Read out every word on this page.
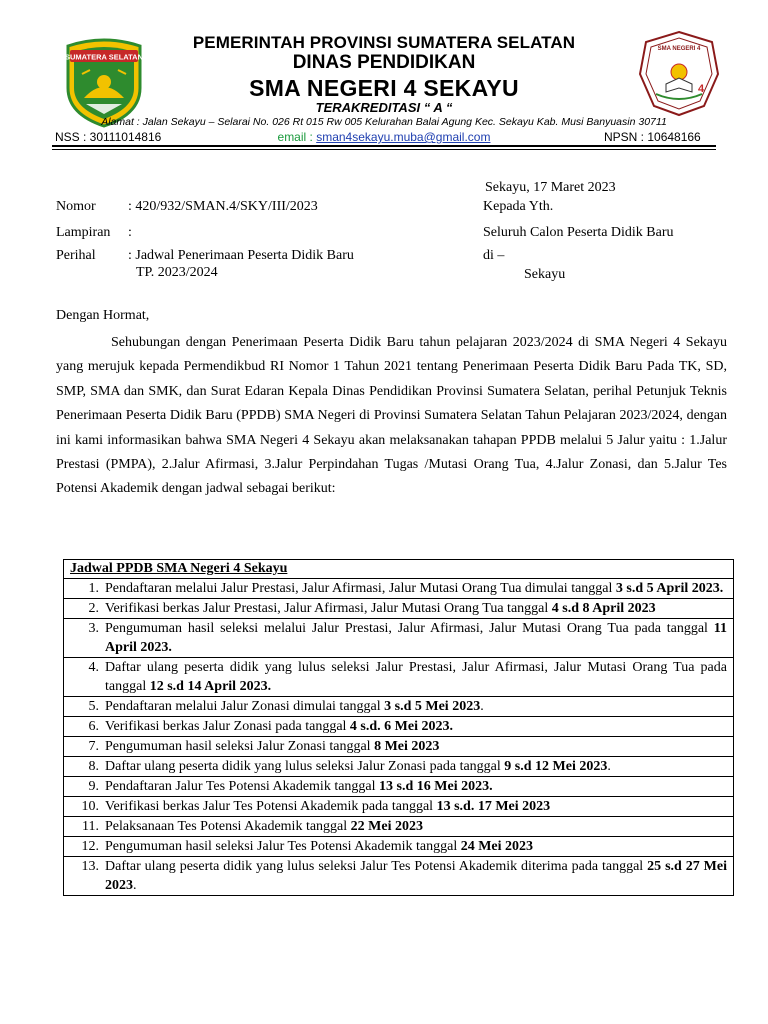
SUMATERA SELATAN
SMA NEGERI 4
4
PEMERINTAH PROVINSI SUMATERA SELATAN
DINAS PENDIDIKAN
SMA NEGERI 4 SEKAYU
TERAKREDITASI “ A “
Alamat : Jalan Sekayu – Selarai No. 026 Rt 015 Rw 005 Kelurahan Balai Agung Kec. Sekayu Kab. Musi Banyuasin 30711
NSS : 30111014816	email : sman4sekayu.muba@gmail.com	NPSN : 10648166
Sekayu, 17 Maret 2023
Nomor : 420/932/SMAN.4/SKY/III/2023	Kepada Yth.
Lampiran :	Seluruh Calon Peserta Didik Baru
Perihal : Jadwal Penerimaan Peserta Didik Baru
TP. 2023/2024
di –
Sekayu
Dengan Hormat,
Sehubungan dengan Penerimaan Peserta Didik Baru tahun pelajaran 2023/2024 di SMA Negeri 4 Sekayu yang merujuk kepada Permendikbud RI Nomor 1 Tahun 2021 tentang Penerimaan Peserta Didik Baru Pada TK, SD, SMP, SMA dan SMK, dan Surat Edaran Kepala Dinas Pendidikan Provinsi Sumatera Selatan, perihal Petunjuk Teknis Penerimaan Peserta Didik Baru (PPDB) SMA Negeri di Provinsi Sumatera Selatan Tahun Pelajaran 2023/2024, dengan ini kami informasikan bahwa SMA Negeri 4 Sekayu akan melaksanakan tahapan PPDB melalui 5 Jalur yaitu : 1.Jalur Prestasi (PMPA), 2.Jalur Afirmasi, 3.Jalur Perpindahan Tugas /Mutasi Orang Tua, 4.Jalur Zonasi, dan 5.Jalur Tes Potensi Akademik dengan jadwal sebagai berikut:
Jadwal PPDB SMA Negeri 4 Sekayu
1. Pendaftaran melalui Jalur Prestasi, Jalur Afirmasi, Jalur Mutasi Orang Tua dimulai tanggal 3 s.d 5 April 2023.
2. Verifikasi berkas Jalur Prestasi, Jalur Afirmasi, Jalur Mutasi Orang Tua tanggal 4 s.d 8 April 2023
3. Pengumuman hasil seleksi melalui Jalur Prestasi, Jalur Afirmasi, Jalur Mutasi Orang Tua pada tanggal 11 April 2023.
4. Daftar ulang peserta didik yang lulus seleksi Jalur Prestasi, Jalur Afirmasi, Jalur Mutasi Orang Tua pada tanggal 12 s.d 14 April 2023.
5. Pendaftaran melalui Jalur Zonasi dimulai tanggal 3 s.d 5 Mei 2023.
6. Verifikasi berkas Jalur Zonasi pada tanggal 4 s.d. 6 Mei 2023.
7. Pengumuman hasil seleksi Jalur Zonasi tanggal 8 Mei 2023
8. Daftar ulang peserta didik yang lulus seleksi Jalur Zonasi pada tanggal 9 s.d 12 Mei 2023.
9. Pendaftaran Jalur Tes Potensi Akademik tanggal 13 s.d 16 Mei 2023.
10. Verifikasi berkas Jalur Tes Potensi Akademik pada tanggal 13 s.d. 17 Mei 2023
11. Pelaksanaan Tes Potensi Akademik tanggal 22 Mei 2023
12. Pengumuman hasil seleksi Jalur Tes Potensi Akademik tanggal 24 Mei 2023
13. Daftar ulang peserta didik yang lulus seleksi Jalur Tes Potensi Akademik diterima pada tanggal 25 s.d 27 Mei 2023.
